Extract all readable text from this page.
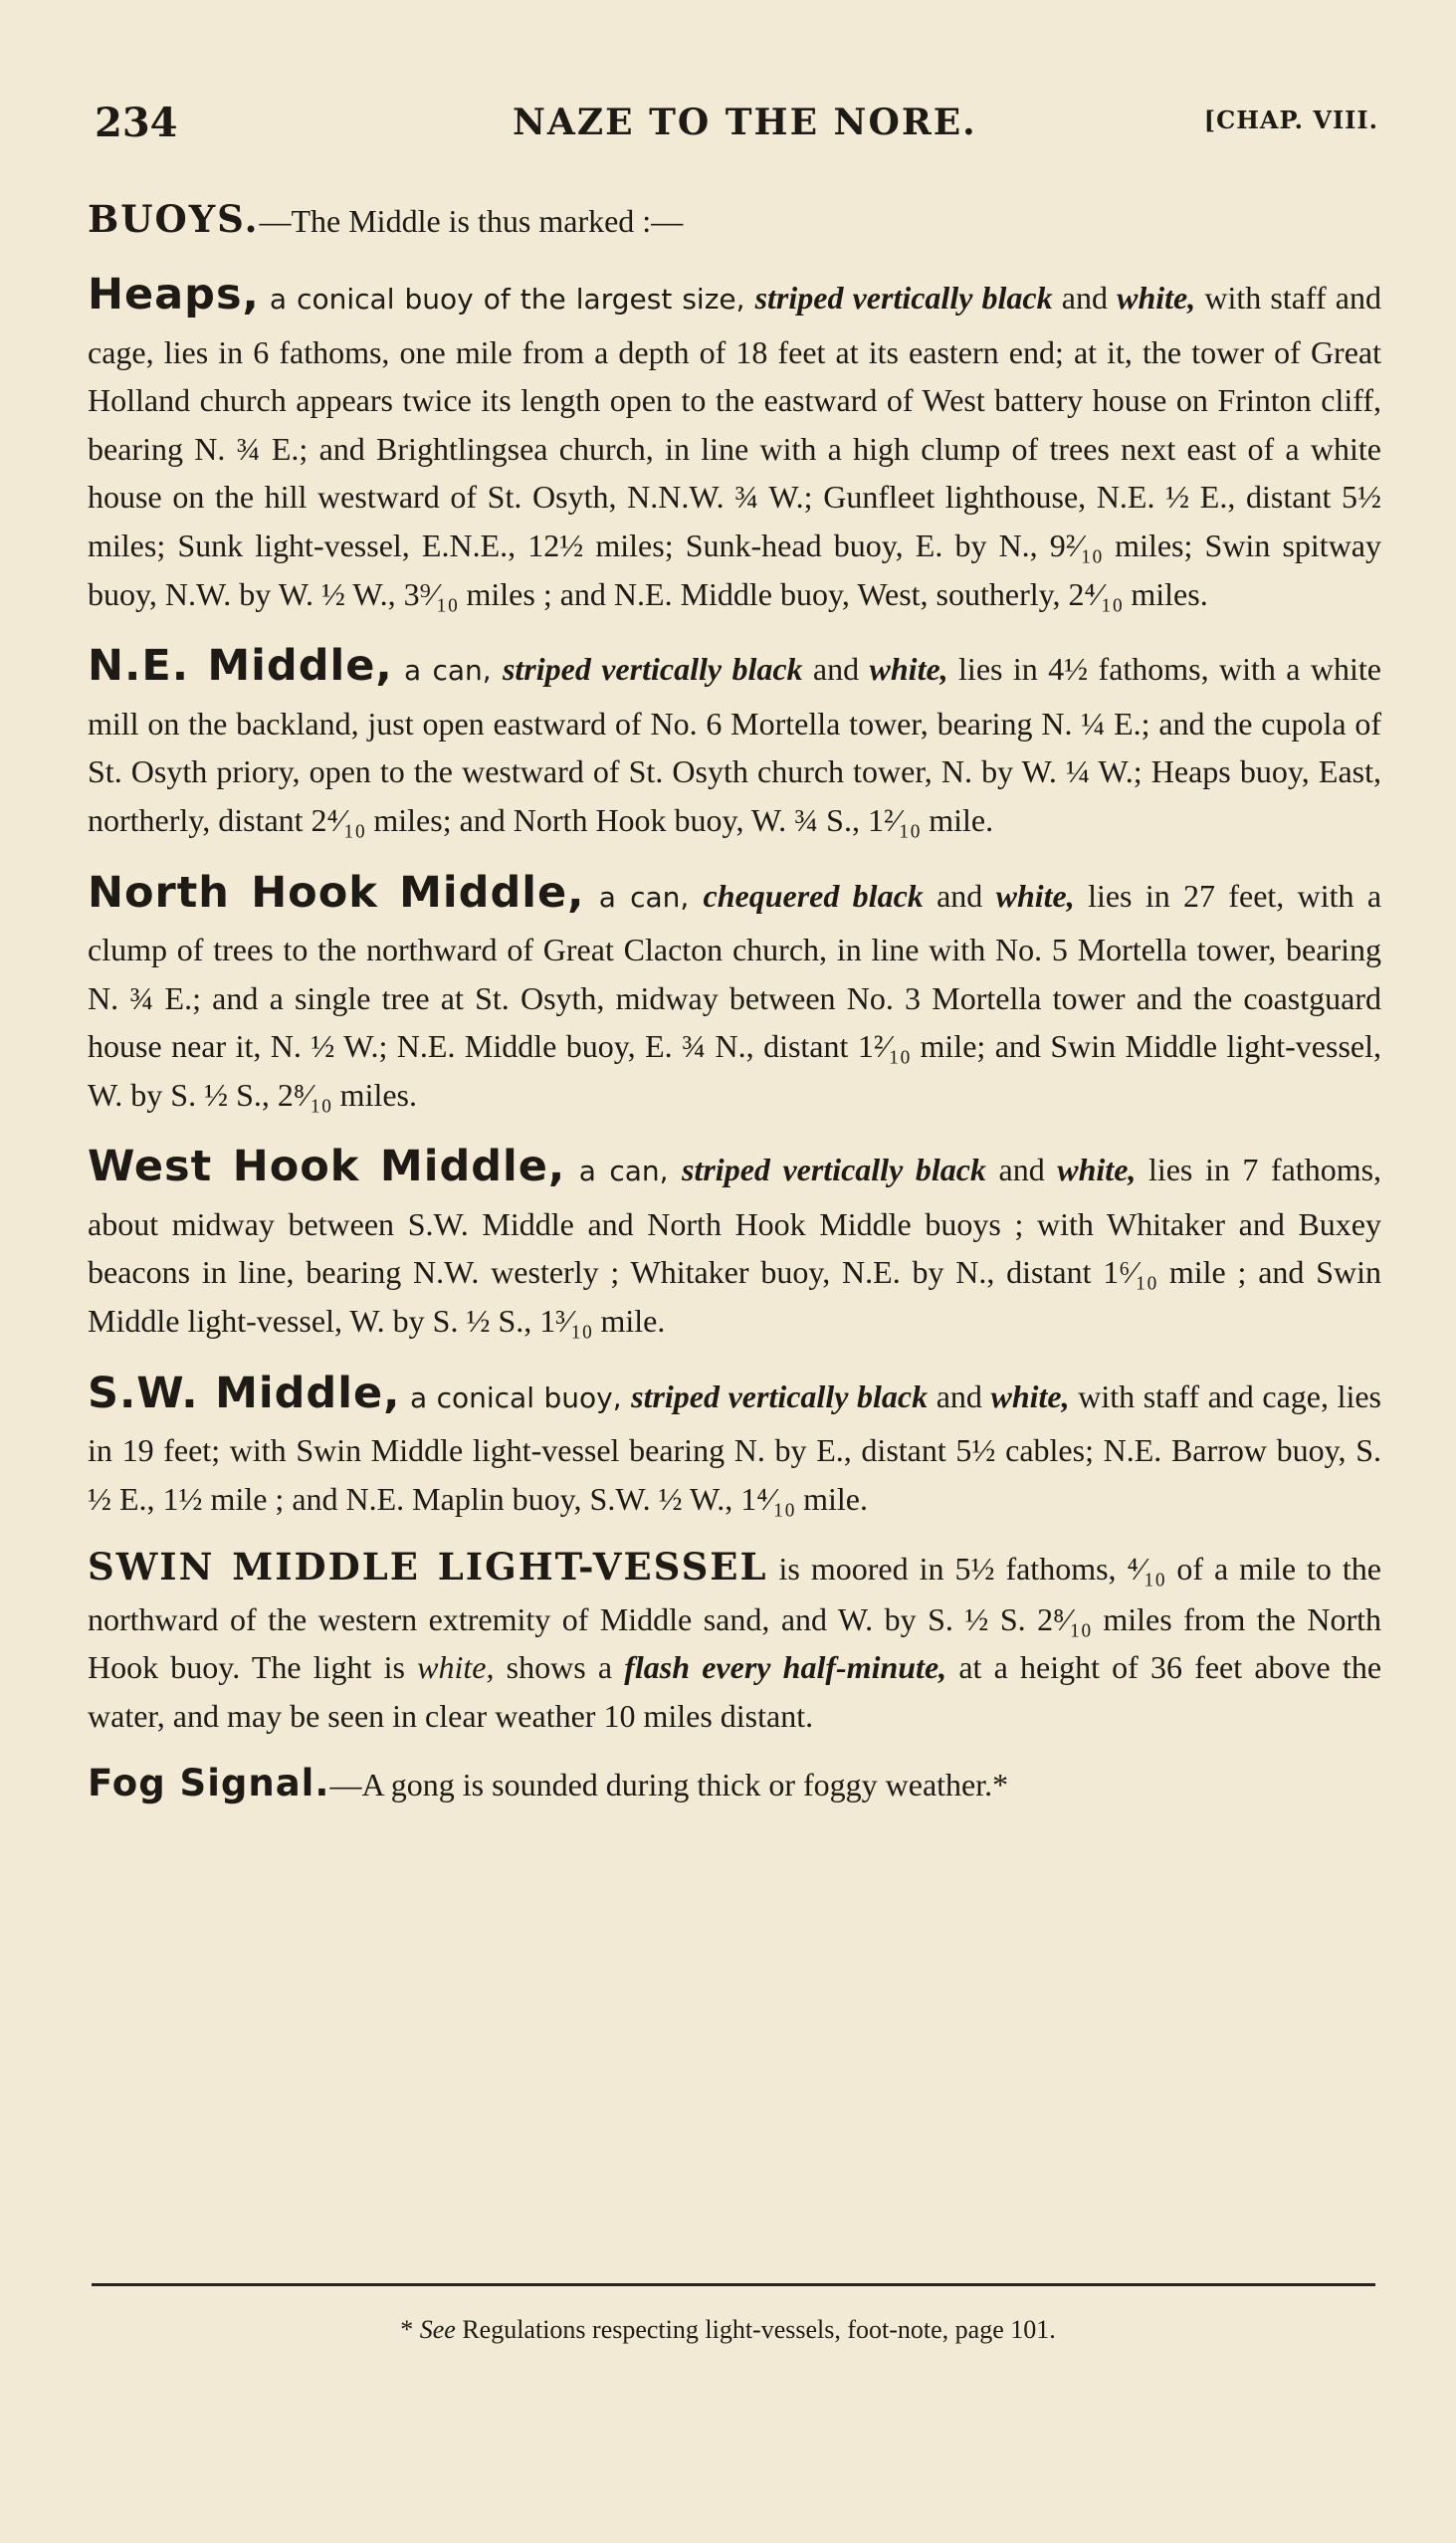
234	NAZE TO THE NORE.	[CHAP. VIII.

BUOYS.—The Middle is thus marked :—

Heaps, a conical buoy of the largest size, striped vertically black and white, with staff and cage, lies in 6 fathoms, one mile from a depth of 18 feet at its eastern end; at it, the tower of Great Holland church appears twice its length open to the eastward of West battery house on Frinton cliff, bearing N. ¾ E.; and Brightlingsea church, in line with a high clump of trees next east of a white house on the hill westward of St. Osyth, N.N.W. ¾ W.; Gunfleet lighthouse, N.E. ½ E., distant 5½ miles; Sunk light-vessel, E.N.E., 12½ miles; Sunk-head buoy, E. by N., 9²⁄₁₀ miles; Swin spitway buoy, N.W. by W. ½ W., 3⁹⁄₁₀ miles ; and N.E. Middle buoy, West, southerly, 2⁴⁄₁₀ miles.

N.E. Middle, a can, striped vertically black and white, lies in 4½ fathoms, with a white mill on the backland, just open eastward of No. 6 Mortella tower, bearing N. ¼ E.; and the cupola of St. Osyth priory, open to the westward of St. Osyth church tower, N. by W. ¼ W.; Heaps buoy, East, northerly, distant 2⁴⁄₁₀ miles; and North Hook buoy, W. ¾ S., 1²⁄₁₀ mile.

North Hook Middle, a can, chequered black and white, lies in 27 feet, with a clump of trees to the northward of Great Clacton church, in line with No. 5 Mortella tower, bearing N. ¾ E.; and a single tree at St. Osyth, midway between No. 3 Mortella tower and the coastguard house near it, N. ½ W.; N.E. Middle buoy, E. ¾ N., distant 1²⁄₁₀ mile; and Swin Middle light-vessel, W. by S. ½ S., 2⁸⁄₁₀ miles.

West Hook Middle, a can, striped vertically black and white, lies in 7 fathoms, about midway between S.W. Middle and North Hook Middle buoys ; with Whitaker and Buxey beacons in line, bearing N.W. westerly ; Whitaker buoy, N.E. by N., distant 1⁶⁄₁₀ mile ; and Swin Middle light-vessel, W. by S. ½ S., 1³⁄₁₀ mile.

S.W. Middle, a conical buoy, striped vertically black and white, with staff and cage, lies in 19 feet; with Swin Middle light-vessel bearing N. by E., distant 5½ cables; N.E. Barrow buoy, S. ½ E., 1½ mile ; and N.E. Maplin buoy, S.W. ½ W., 1⁴⁄₁₀ mile.

SWIN MIDDLE LIGHT-VESSEL is moored in 5½ fathoms, ⁴⁄₁₀ of a mile to the northward of the western extremity of Middle sand, and W. by S. ½ S. 2⁸⁄₁₀ miles from the North Hook buoy. The light is white, shows a flash every half-minute, at a height of 36 feet above the water, and may be seen in clear weather 10 miles distant.

Fog Signal.—A gong is sounded during thick or foggy weather.*

* See Regulations respecting light-vessels, foot-note, page 101.
